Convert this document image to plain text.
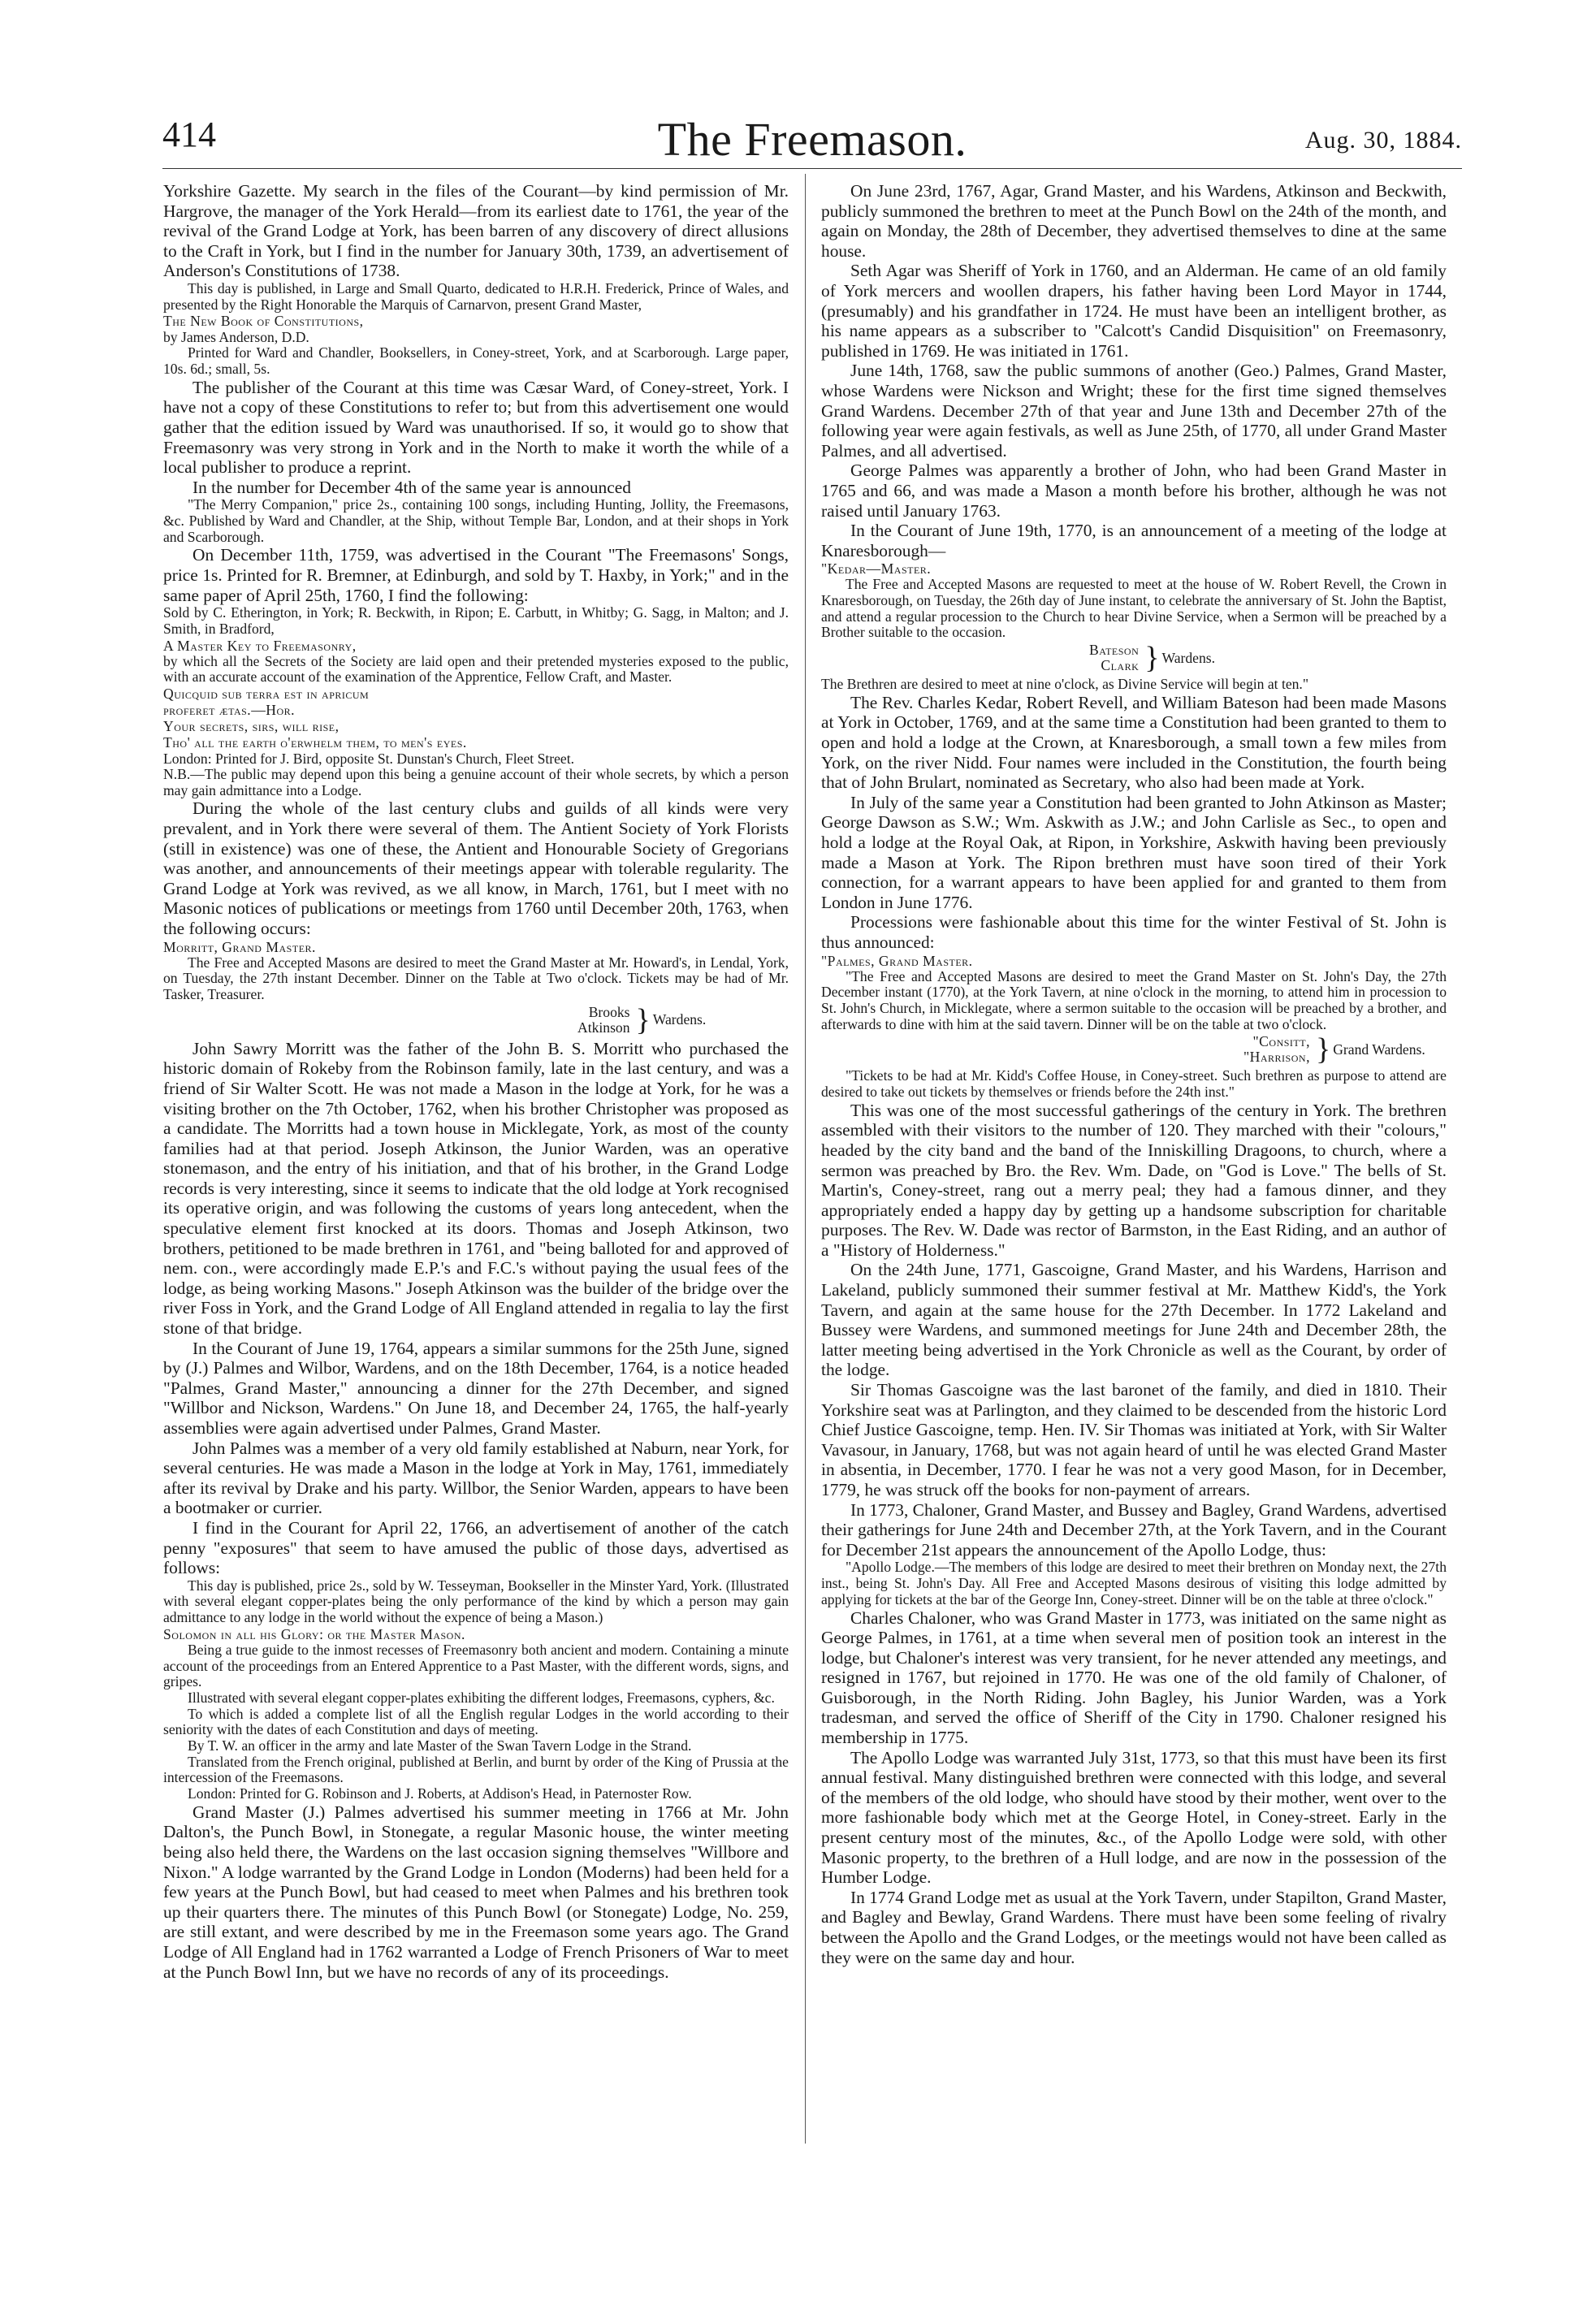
The Freemason.
414	Aug. 30, 1884.

Yorkshire Gazette. My search in the files of the Courant—by kind permission of Mr. Hargrove, the manager of the York Herald—from its earliest date to 1761, the year of the revival of the Grand Lodge at York, has been barren of any discovery of direct allusions to the Craft in York, but I find in the number for January 30th, 1739, an advertisement of Anderson's Constitutions of 1738.

This day is published, in Large and Small Quarto, dedicated to H.R.H. Frederick, Prince of Wales, and presented by the Right Honorable the Marquis of Carnarvon, present Grand Master,

The New Book of Constitutions,

by James Anderson, D.D.

Printed for Ward and Chandler, Booksellers, in Coney-street, York, and at Scarborough. Large paper, 10s. 6d.; small, 5s.

The publisher of the Courant at this time was Cæsar Ward, of Coney-street, York. I have not a copy of these Constitutions to refer to; but from this advertisement one would gather that the edition issued by Ward was unauthorised. If so, it would go to show that Freemasonry was very strong in York and in the North to make it worth the while of a local publisher to produce a reprint.

In the number for December 4th of the same year is announced

"The Merry Companion," price 2s., containing 100 songs, including Hunting, Jollity, the Freemasons, &c. Published by Ward and Chandler, at the Ship, without Temple Bar, London, and at their shops in York and Scarborough.

On December 11th, 1759, was advertised in the Courant "The Freemasons' Songs, price 1s. Printed for R. Bremner, at Edinburgh, and sold by T. Haxby, in York;" and in the same paper of April 25th, 1760, I find the following:

Sold by C. Etherington, in York; R. Beckwith, in Ripon; E. Carbutt, in Whitby; G. Sagg, in Malton; and J. Smith, in Bradford,

A Master Key to Freemasonry,

by which all the Secrets of the Society are laid open and their pretended mysteries exposed to the public, with an accurate account of the examination of the Apprentice, Fellow Craft, and Master.

Quicquid sub terra est in apricum

proferet ætas.—Hor.

Your secrets, sirs, will rise,

Tho' all the earth o'erwhelm them, to men's eyes.

London: Printed for J. Bird, opposite St. Dunstan's Church, Fleet Street.

N.B.—The public may depend upon this being a genuine account of their whole secrets, by which a person may gain admittance into a Lodge.

During the whole of the last century clubs and guilds of all kinds were very prevalent, and in York there were several of them. The Antient Society of York Florists (still in existence) was one of these, the Antient and Honourable Society of Gregorians was another, and announcements of their meetings appear with tolerable regularity. The Grand Lodge at York was revived, as we all know, in March, 1761, but I meet with no Masonic notices of publications or meetings from 1760 until December 20th, 1763, when the following occurs:

Morritt, Grand Master.

The Free and Accepted Masons are desired to meet the Grand Master at Mr. Howard's, in Lendal, York, on Tuesday, the 27th instant December. Dinner on the Table at Two o'clock. Tickets may be had of Mr. Tasker, Treasurer.

Brooks
Atkinson	}	Wardens.

John Sawry Morritt was the father of the John B. S. Morritt who purchased the historic domain of Rokeby from the Robinson family, late in the last century, and was a friend of Sir Walter Scott. He was not made a Mason in the lodge at York, for he was a visiting brother on the 7th October, 1762, when his brother Christopher was proposed as a candidate. The Morritts had a town house in Micklegate, York, as most of the county families had at that period. Joseph Atkinson, the Junior Warden, was an operative stonemason, and the entry of his initiation, and that of his brother, in the Grand Lodge records is very interesting, since it seems to indicate that the old lodge at York recognised its operative origin, and was following the customs of years long antecedent, when the speculative element first knocked at its doors. Thomas and Joseph Atkinson, two brothers, petitioned to be made brethren in 1761, and "being balloted for and approved of nem. con., were accordingly made E.P.'s and F.C.'s without paying the usual fees of the lodge, as being working Masons." Joseph Atkinson was the builder of the bridge over the river Foss in York, and the Grand Lodge of All England attended in regalia to lay the first stone of that bridge.

In the Courant of June 19, 1764, appears a similar summons for the 25th June, signed by (J.) Palmes and Wilbor, Wardens, and on the 18th December, 1764, is a notice headed "Palmes, Grand Master," announcing a dinner for the 27th December, and signed "Willbor and Nickson, Wardens." On June 18, and December 24, 1765, the half-yearly assemblies were again advertised under Palmes, Grand Master.

John Palmes was a member of a very old family established at Naburn, near York, for several centuries. He was made a Mason in the lodge at York in May, 1761, immediately after its revival by Drake and his party. Willbor, the Senior Warden, appears to have been a bootmaker or currier.

I find in the Courant for April 22, 1766, an advertisement of another of the catch penny "exposures" that seem to have amused the public of those days, advertised as follows:

This day is published, price 2s., sold by W. Tesseyman, Bookseller in the Minster Yard, York. (Illustrated with several elegant copper-plates being the only performance of the kind by which a person may gain admittance to any lodge in the world without the expence of being a Mason.)

Solomon in all his Glory: or the Master Mason.

Being a true guide to the inmost recesses of Freemasonry both ancient and modern. Containing a minute account of the proceedings from an Entered Apprentice to a Past Master, with the different words, signs, and gripes.

Illustrated with several elegant copper-plates exhibiting the different lodges, Freemasons, cyphers, &c.

To which is added a complete list of all the English regular Lodges in the world according to their seniority with the dates of each Constitution and days of meeting.

By T. W. an officer in the army and late Master of the Swan Tavern Lodge in the Strand.

Translated from the French original, published at Berlin, and burnt by order of the King of Prussia at the intercession of the Freemasons.

London: Printed for G. Robinson and J. Roberts, at Addison's Head, in Paternoster Row.

Grand Master (J.) Palmes advertised his summer meeting in 1766 at Mr. John Dalton's, the Punch Bowl, in Stonegate, a regular Masonic house, the winter meeting being also held there, the Wardens on the last occasion signing themselves "Willbore and Nixon." A lodge warranted by the Grand Lodge in London (Moderns) had been held for a few years at the Punch Bowl, but had ceased to meet when Palmes and his brethren took up their quarters there. The minutes of this Punch Bowl (or Stonegate) Lodge, No. 259, are still extant, and were described by me in the Freemason some years ago. The Grand Lodge of All England had in 1762 warranted a Lodge of French Prisoners of War to meet at the Punch Bowl Inn, but we have no records of any of its proceedings.

On June 23rd, 1767, Agar, Grand Master, and his Wardens, Atkinson and Beckwith, publicly summoned the brethren to meet at the Punch Bowl on the 24th of the month, and again on Monday, the 28th of December, they advertised themselves to dine at the same house.

Seth Agar was Sheriff of York in 1760, and an Alderman. He came of an old family of York mercers and woollen drapers, his father having been Lord Mayor in 1744, (presumably) and his grandfather in 1724. He must have been an intelligent brother, as his name appears as a subscriber to "Calcott's Candid Disquisition" on Freemasonry, published in 1769. He was initiated in 1761.

June 14th, 1768, saw the public summons of another (Geo.) Palmes, Grand Master, whose Wardens were Nickson and Wright; these for the first time signed themselves Grand Wardens. December 27th of that year and June 13th and December 27th of the following year were again festivals, as well as June 25th, of 1770, all under Grand Master Palmes, and all advertised.

George Palmes was apparently a brother of John, who had been Grand Master in 1765 and 66, and was made a Mason a month before his brother, although he was not raised until January 1763.

In the Courant of June 19th, 1770, is an announcement of a meeting of the lodge at Knaresborough—

"Kedar—Master.

The Free and Accepted Masons are requested to meet at the house of W. Robert Revell, the Crown in Knaresborough, on Tuesday, the 26th day of June instant, to celebrate the anniversary of St. John the Baptist, and attend a regular procession to the Church to hear Divine Service, when a Sermon will be preached by a Brother suitable to the occasion.

Bateson
Clark	}	Wardens.

The Brethren are desired to meet at nine o'clock, as Divine Service will begin at ten."

The Rev. Charles Kedar, Robert Revell, and William Bateson had been made Masons at York in October, 1769, and at the same time a Constitution had been granted to them to open and hold a lodge at the Crown, at Knaresborough, a small town a few miles from York, on the river Nidd. Four names were included in the Constitution, the fourth being that of John Brulart, nominated as Secretary, who also had been made at York.

In July of the same year a Constitution had been granted to John Atkinson as Master; George Dawson as S.W.; Wm. Askwith as J.W.; and John Carlisle as Sec., to open and hold a lodge at the Royal Oak, at Ripon, in Yorkshire, Askwith having been previously made a Mason at York. The Ripon brethren must have soon tired of their York connection, for a warrant appears to have been applied for and granted to them from London in June 1776.

Processions were fashionable about this time for the winter Festival of St. John is thus announced:

"Palmes, Grand Master.

"The Free and Accepted Masons are desired to meet the Grand Master on St. John's Day, the 27th December instant (1770), at the York Tavern, at nine o'clock in the morning, to attend him in procession to St. John's Church, in Micklegate, where a sermon suitable to the occasion will be preached by a brother, and afterwards to dine with him at the said tavern. Dinner will be on the table at two o'clock.

"Consitt,
"Harrison,	}	Grand Wardens.

"Tickets to be had at Mr. Kidd's Coffee House, in Coney-street. Such brethren as purpose to attend are desired to take out tickets by themselves or friends before the 24th inst."

This was one of the most successful gatherings of the century in York. The brethren assembled with their visitors to the number of 120. They marched with their "colours," headed by the city band and the band of the Inniskilling Dragoons, to church, where a sermon was preached by Bro. the Rev. Wm. Dade, on "God is Love." The bells of St. Martin's, Coney-street, rang out a merry peal; they had a famous dinner, and they appropriately ended a happy day by getting up a handsome subscription for charitable purposes. The Rev. W. Dade was rector of Barmston, in the East Riding, and an author of a "History of Holderness."

On the 24th June, 1771, Gascoigne, Grand Master, and his Wardens, Harrison and Lakeland, publicly summoned their summer festival at Mr. Matthew Kidd's, the York Tavern, and again at the same house for the 27th December. In 1772 Lakeland and Bussey were Wardens, and summoned meetings for June 24th and December 28th, the latter meeting being advertised in the York Chronicle as well as the Courant, by order of the lodge.

Sir Thomas Gascoigne was the last baronet of the family, and died in 1810. Their Yorkshire seat was at Parlington, and they claimed to be descended from the historic Lord Chief Justice Gascoigne, temp. Hen. IV. Sir Thomas was initiated at York, with Sir Walter Vavasour, in January, 1768, but was not again heard of until he was elected Grand Master in absentia, in December, 1770. I fear he was not a very good Mason, for in December, 1779, he was struck off the books for non-payment of arrears.

In 1773, Chaloner, Grand Master, and Bussey and Bagley, Grand Wardens, advertised their gatherings for June 24th and December 27th, at the York Tavern, and in the Courant for December 21st appears the announcement of the Apollo Lodge, thus:

"Apollo Lodge.—The members of this lodge are desired to meet their brethren on Monday next, the 27th inst., being St. John's Day. All Free and Accepted Masons desirous of visiting this lodge admitted by applying for tickets at the bar of the George Inn, Coney-street. Dinner will be on the table at three o'clock."

Charles Chaloner, who was Grand Master in 1773, was initiated on the same night as George Palmes, in 1761, at a time when several men of position took an interest in the lodge, but Chaloner's interest was very transient, for he never attended any meetings, and resigned in 1767, but rejoined in 1770. He was one of the old family of Chaloner, of Guisborough, in the North Riding. John Bagley, his Junior Warden, was a York tradesman, and served the office of Sheriff of the City in 1790. Chaloner resigned his membership in 1775.

The Apollo Lodge was warranted July 31st, 1773, so that this must have been its first annual festival. Many distinguished brethren were connected with this lodge, and several of the members of the old lodge, who should have stood by their mother, went over to the more fashionable body which met at the George Hotel, in Coney-street. Early in the present century most of the minutes, &c., of the Apollo Lodge were sold, with other Masonic property, to the brethren of a Hull lodge, and are now in the possession of the Humber Lodge.

In 1774 Grand Lodge met as usual at the York Tavern, under Stapilton, Grand Master, and Bagley and Bewlay, Grand Wardens. There must have been some feeling of rivalry between the Apollo and the Grand Lodges, or the meetings would not have been called as they were on the same day and hour.
